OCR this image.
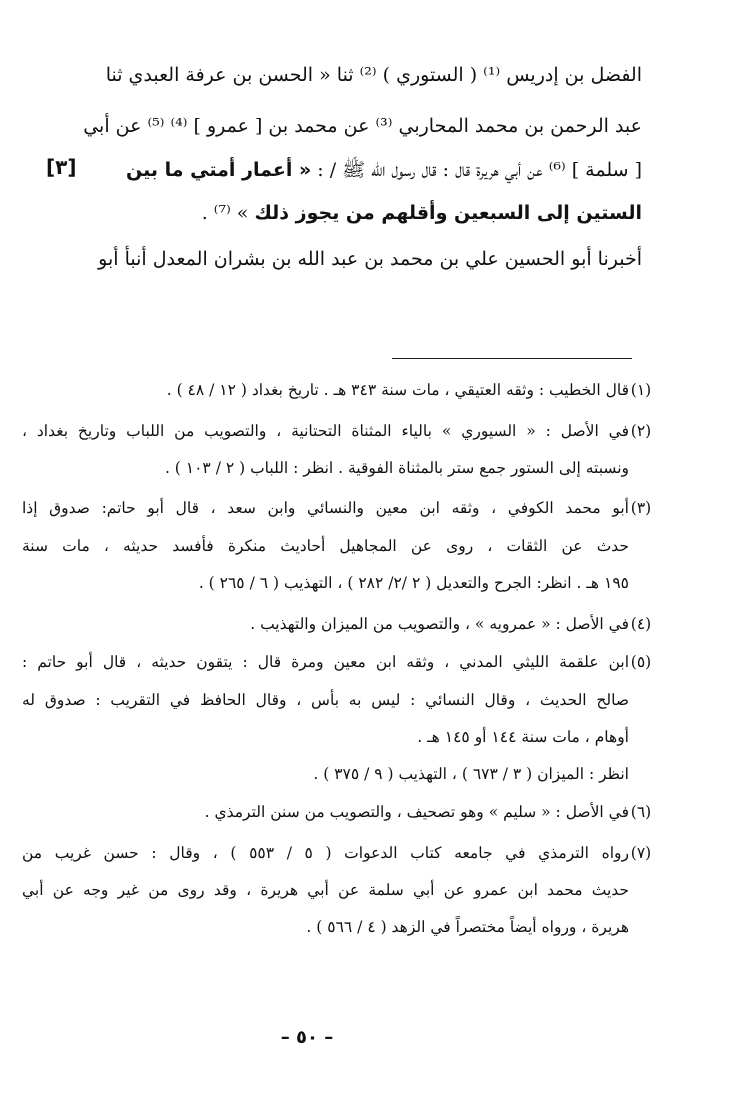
الفضل بن إدريس ⁽¹⁾ ( الستوري ) ⁽²⁾ ثنا « الحسن بن عرفة العبدي ثنا
عبد الرحمن بن محمد المحاربي ⁽³⁾ عن محمد بن [ عمرو ] ⁽⁴⁾ ⁽⁵⁾ عن أبي
[ سلمة ] ⁽⁶⁾ عن أبي هريرة قال : قال رسول الله ﷺ / : « أعمار أمتي ما بين
الستين إلى السبعين وأقلهم من يجوز ذلك » ⁽⁷⁾ .
أخبرنا أبو الحسين علي بن محمد بن عبد الله بن بشران المعدل أنبأ أبو
[٣]
(١)
قال الخطيب : وثقه العتيقي ، مات سنة ٣٤٣ هـ . تاريخ بغداد ( ١٢ / ٤٨ ) .
(٢)
في الأصل : « السيوري » بالياء المثناة التحتانية ، والتصويب من اللباب وتاريخ بغداد ،
ونسبته إلى الستور جمع ستر بالمثناة الفوقية . انظر : اللباب ( ٢ / ١٠٣ ) .
(٣)
أبو محمد الكوفي ، وثقه ابن معين والنسائي وابن سعد ، قال أبو حاتم: صدوق إذا
حدث عن الثقات ، روى عن المجاهيل أحاديث منكرة فأفسد حديثه ، مات سنة
١٩٥ هـ . انظر: الجرح والتعديل ( ٢ /٢/ ٢٨٢ ) ، التهذيب ( ٦ / ٢٦٥ ) .
(٤)
في الأصل : « عمرويه » ، والتصويب من الميزان والتهذيب .
(٥)
ابن علقمة الليثي المدني ، وثقه ابن معين ومرة قال : يتقون حديثه ، قال أبو حاتم :
صالح الحديث ، وقال النسائي : ليس به بأس ، وقال الحافظ في التقريب : صدوق له
أوهام ، مات سنة ١٤٤ أو ١٤٥ هـ .
انظر : الميزان ( ٣ / ٦٧٣ ) ، التهذيب ( ٩ / ٣٧٥ ) .
(٦)
في الأصل : « سليم » وهو تصحيف ، والتصويب من سنن الترمذي .
(٧)
رواه الترمذي في جامعه كتاب الدعوات ( ٥ / ٥٥٣ ) ، وقال : حسن غريب من
حديث محمد ابن عمرو عن أبي سلمة عن أبي هريرة ، وقد روى من غير وجه عن أبي
هريرة ، ورواه أيضاً مختصراً في الزهد ( ٤ / ٥٦٦ ) .
– ٥٠ –
